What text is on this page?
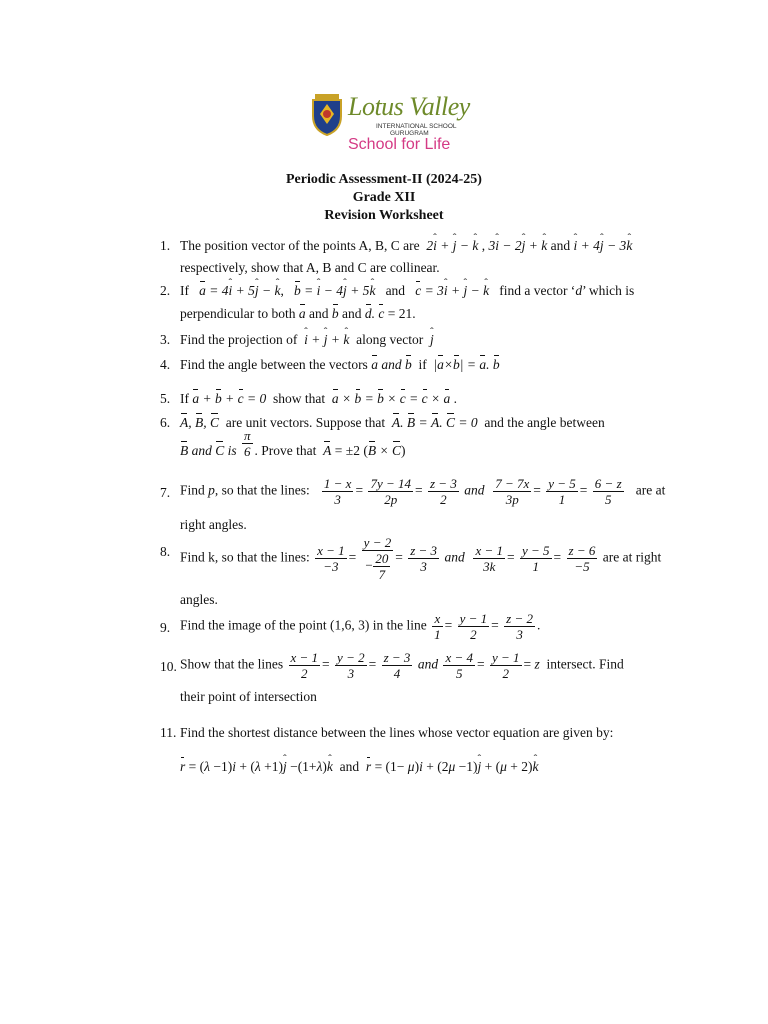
Lotus Valley
INTERNATIONAL SCHOOL
GURUGRAM
School for Life
Periodic Assessment-II (2024-25)
Grade XII
Revision Worksheet
1. The position vector of the points A, B, C are  2i ˆ + j ˆ − k ˆ , 3i ˆ − 2j ˆ + k ˆ and i ˆ + 4j ˆ − 3k ˆ
respectively, show that A, B and C are collinear.
2. If   a = 4i ˆ + 5j ˆ − k ˆ,   b = i ˆ − 4j ˆ + 5k ˆ   and   c = 3i ˆ + j ˆ − k ˆ   find a vector ‘d’ which is
perpendicular to both a and b and d. c = 21.
3. Find the projection of  i ˆ + j ˆ + k ˆ  along vector  j ˆ
4. Find the angle between the vectors a and b  if  |a×b| = a. b
5. If a + b + c = 0  show that  a × b = b × c = c × a .
6. A, B, C  are unit vectors. Suppose that  A. B = A. C = 0  and the angle between
B and C is $\frac{\pi}{6}$ . Prove that  A = ±2 (B × C)
7. Find p, so that the lines: $\frac{1 - x}{3} = \frac{7y - 14}{2p} = \frac{z - 3}{2}$ and $\frac{7 - 7x}{3p} = \frac{y - 5}{1} = \frac{6 - z}{5}$ are at
right angles.
8. Find k, so that the lines: $\frac{x - 1}{-3} = \frac{y - 2}{- \frac{20}{7}} = \frac{z - 3}{3}$ and $\frac{x - 1}{3k} = \frac{y - 5}{1} = \frac{z - 6}{-5}$ are at right
angles.
9. Find the image of the point (1,6, 3) in the line $\frac{x}{1} = \frac{y - 1}{2} = \frac{z - 2}{3}$ .
10. Show that the lines $\frac{x - 1}{2} = \frac{y - 2}{3} = \frac{z - 3}{4}$ and $\frac{x - 4}{5} = \frac{y - 1}{2} = z$  intersect. Find
their point of intersection
11. Find the shortest distance between the lines whose vector equation are given by:
r = (λ −1)i + (λ +1)j ˆ −(1+λ)k ˆ  and  r = (1− μ)i + (2μ −1)j ˆ + (μ + 2)k ˆ
